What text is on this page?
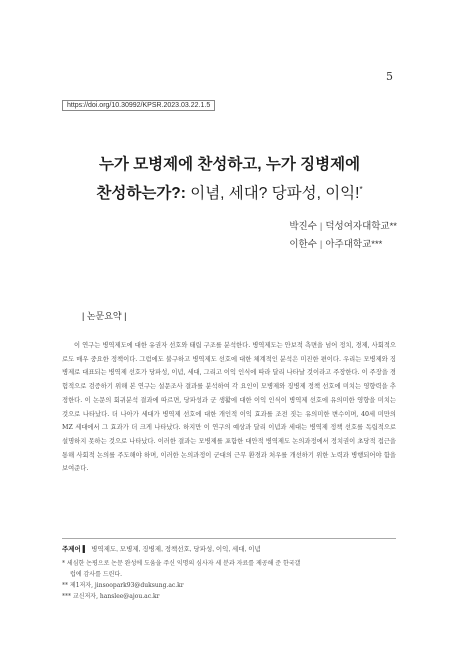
5
https://doi.org/10.30992/KPSR.2023.03.22.1.5
누가 모병제에 찬성하고, 누가 징병제에
찬성하는가?: 이념, 세대? 당파성, 이익!*
박진수 | 덕성여자대학교**
이한수 | 아주대학교***
| 논문요약 |

이 연구는 병역제도에 대한 유권자 선호와 태립 구조를 분석한다. 병역제도는 안보적 측면을 넘어 정치, 경제, 사회적으로도 매우 중요한 정책이다. 그럼에도 불구하고 병역제도 선호에 대한 체계적인 분석은 미진한 편이다. 우리는 모병제와 징병제로 대표되는 병역제 선호가 당파성, 이념, 세대, 그리고 이익 인식에 따라 달리 나타날 것이라고 주장한다. 이 주장을 경험적으로 검증하기 위해 본 연구는 설문조사 결과를 분석하여 각 요인이 모병제와 징병제 정책 선호에 미치는 영향력을 추정한다. 이 논문의 회귀분석 결과에 따르면, 당파성과 군 생활에 대한 이익 인식이 병역제 선호에 유의미한 영향을 미치는 것으로 나타났다. 더 나아가 세대가 병역제 선호에 대한 개인적 이익 효과를 조전 짓는 유의미한 변수이며, 40세 미만의 MZ 세대에서 그 효과가 더 크게 나타났다. 하지만 이 연구의 예상과 달리 이념과 세대는 병역제 정책 선호를 독립적으로 설명하지 못하는 것으로 나타났다. 이러한 결과는 모병제를 포함한 대안적 병역제도 논의과정에서 정치권이 초당적 접근을 통해 사회적 논의를 주도해야 하며, 이러한 논의과정이 군대의 근무 환경과 처우를 개선하기 위한 노력과 병행되어야 함을 보여준다.

주제어 ▌ 병역제도, 모병제, 징병제, 정책선호, 당파성, 이익, 세대, 이념
* 세심한 논평으로 논문 완성에 도움을 주신 익명의 심사자 세 분과 자료를 제공해 준 한국갤
럽에 감사를 드린다.
** 제1저자, jinsoopark93@duksung.ac.kr
*** 교신저자, hanslee@ajou.ac.kr
